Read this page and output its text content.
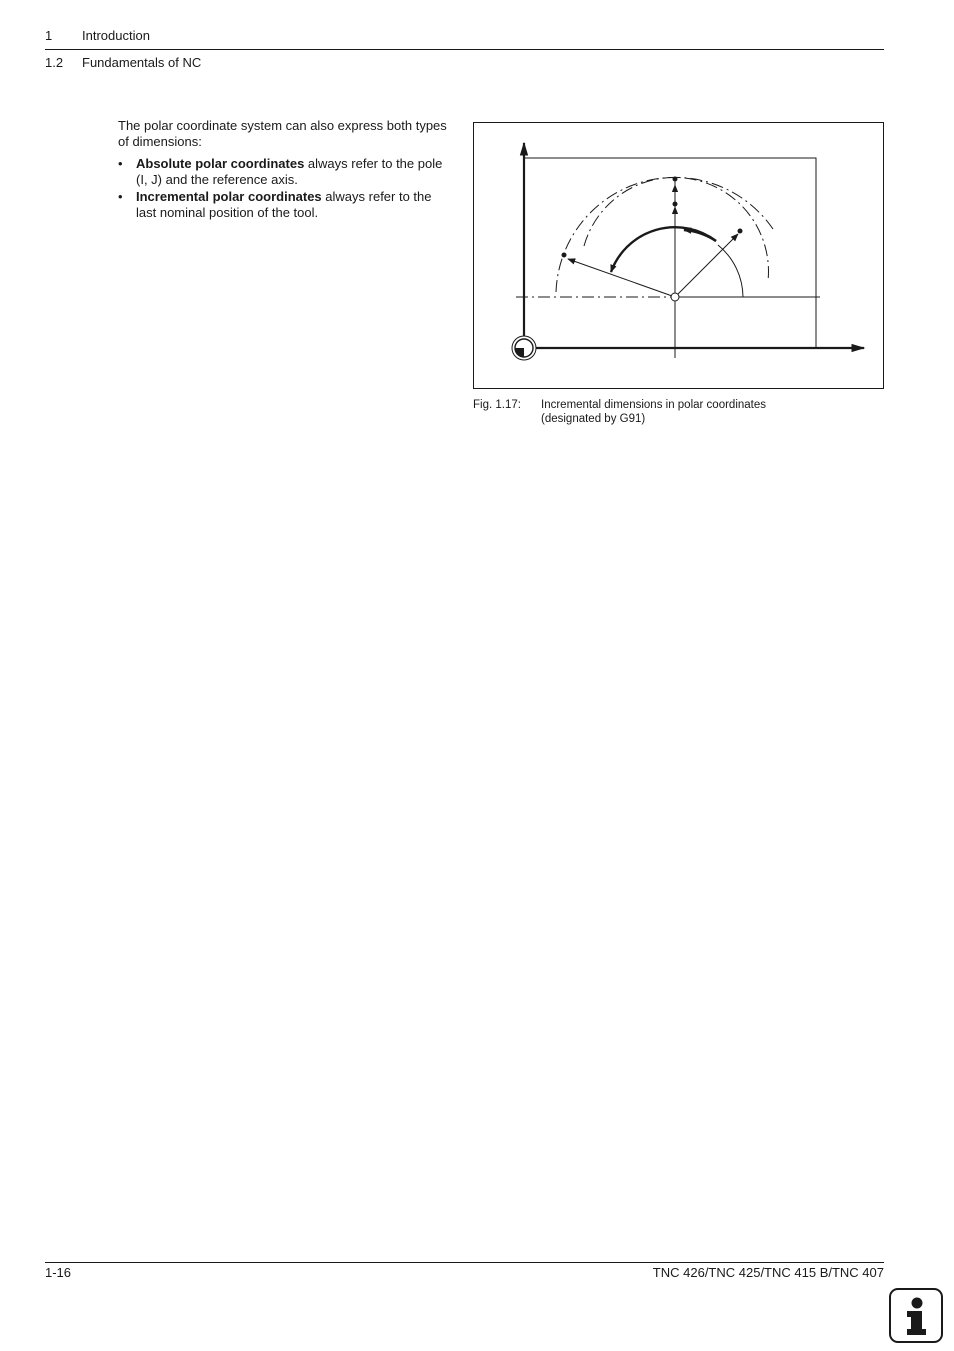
1 Introduction
1.2 Fundamentals of NC

The polar coordinate system can also express both types of dimensions:

• Absolute polar coordinates always refer to the pole (I, J) and the reference axis.
• Incremental polar coordinates always refer to the last nominal position of the tool.
Fig. 1.17: Incremental dimensions in polar coordinates
(designated by G91)
1-16	TNC 426/TNC 425/TNC 415 B/TNC 407
